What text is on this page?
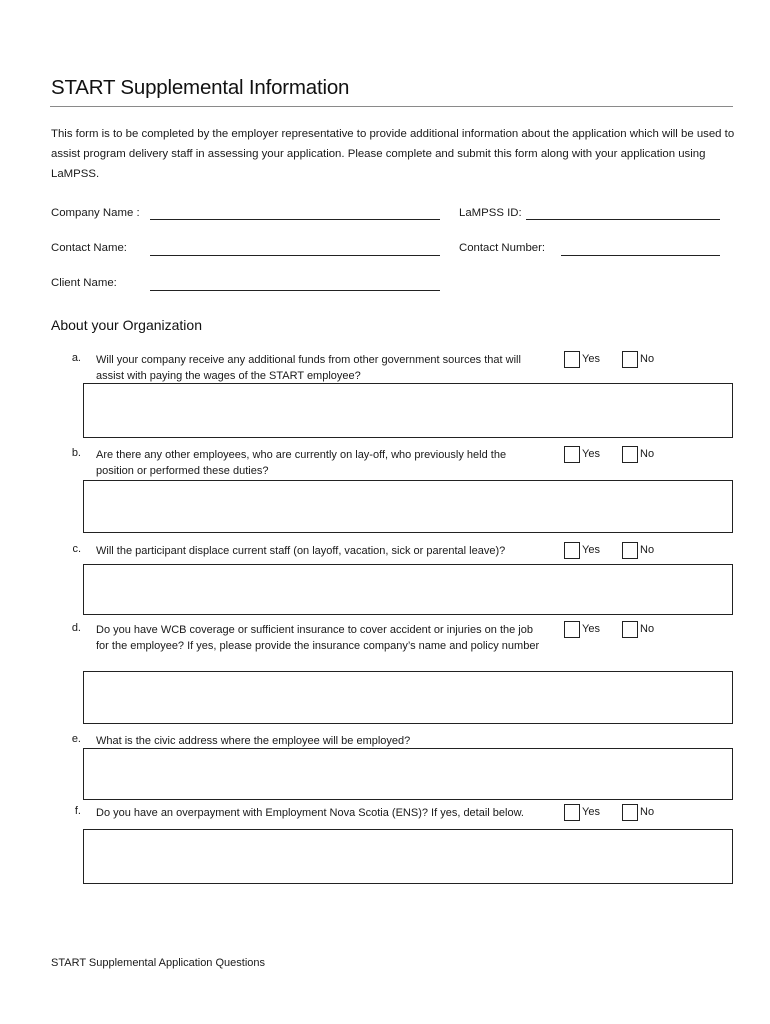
START Supplemental Information
This form is to be completed by the employer representative to provide additional information about the application which will be used to assist program delivery staff in assessing your application. Please complete and submit this form along with your application using LaMPSS.
Company Name :	LaMPSS ID:
Contact Name:	Contact Number:
Client Name:
About your Organization
a. Will your company receive any additional funds from other government sources that will assist with paying the wages of the START employee?
Yes	No
b. Are there any other employees, who are currently on lay-off, who previously held the position or performed these duties?
Yes	No
c. Will the participant displace current staff (on layoff, vacation, sick or parental leave)?	Yes	No
d. Do you have WCB coverage or sufficient insurance to cover accident or injuries on the job for the employee? If yes, please provide the insurance company’s name and policy number
Yes	No
e. What is the civic address where the employee will be employed?
f. Do you have an overpayment with Employment Nova Scotia (ENS)? If yes, detail below.	Yes	No
START Supplemental Application Questions
